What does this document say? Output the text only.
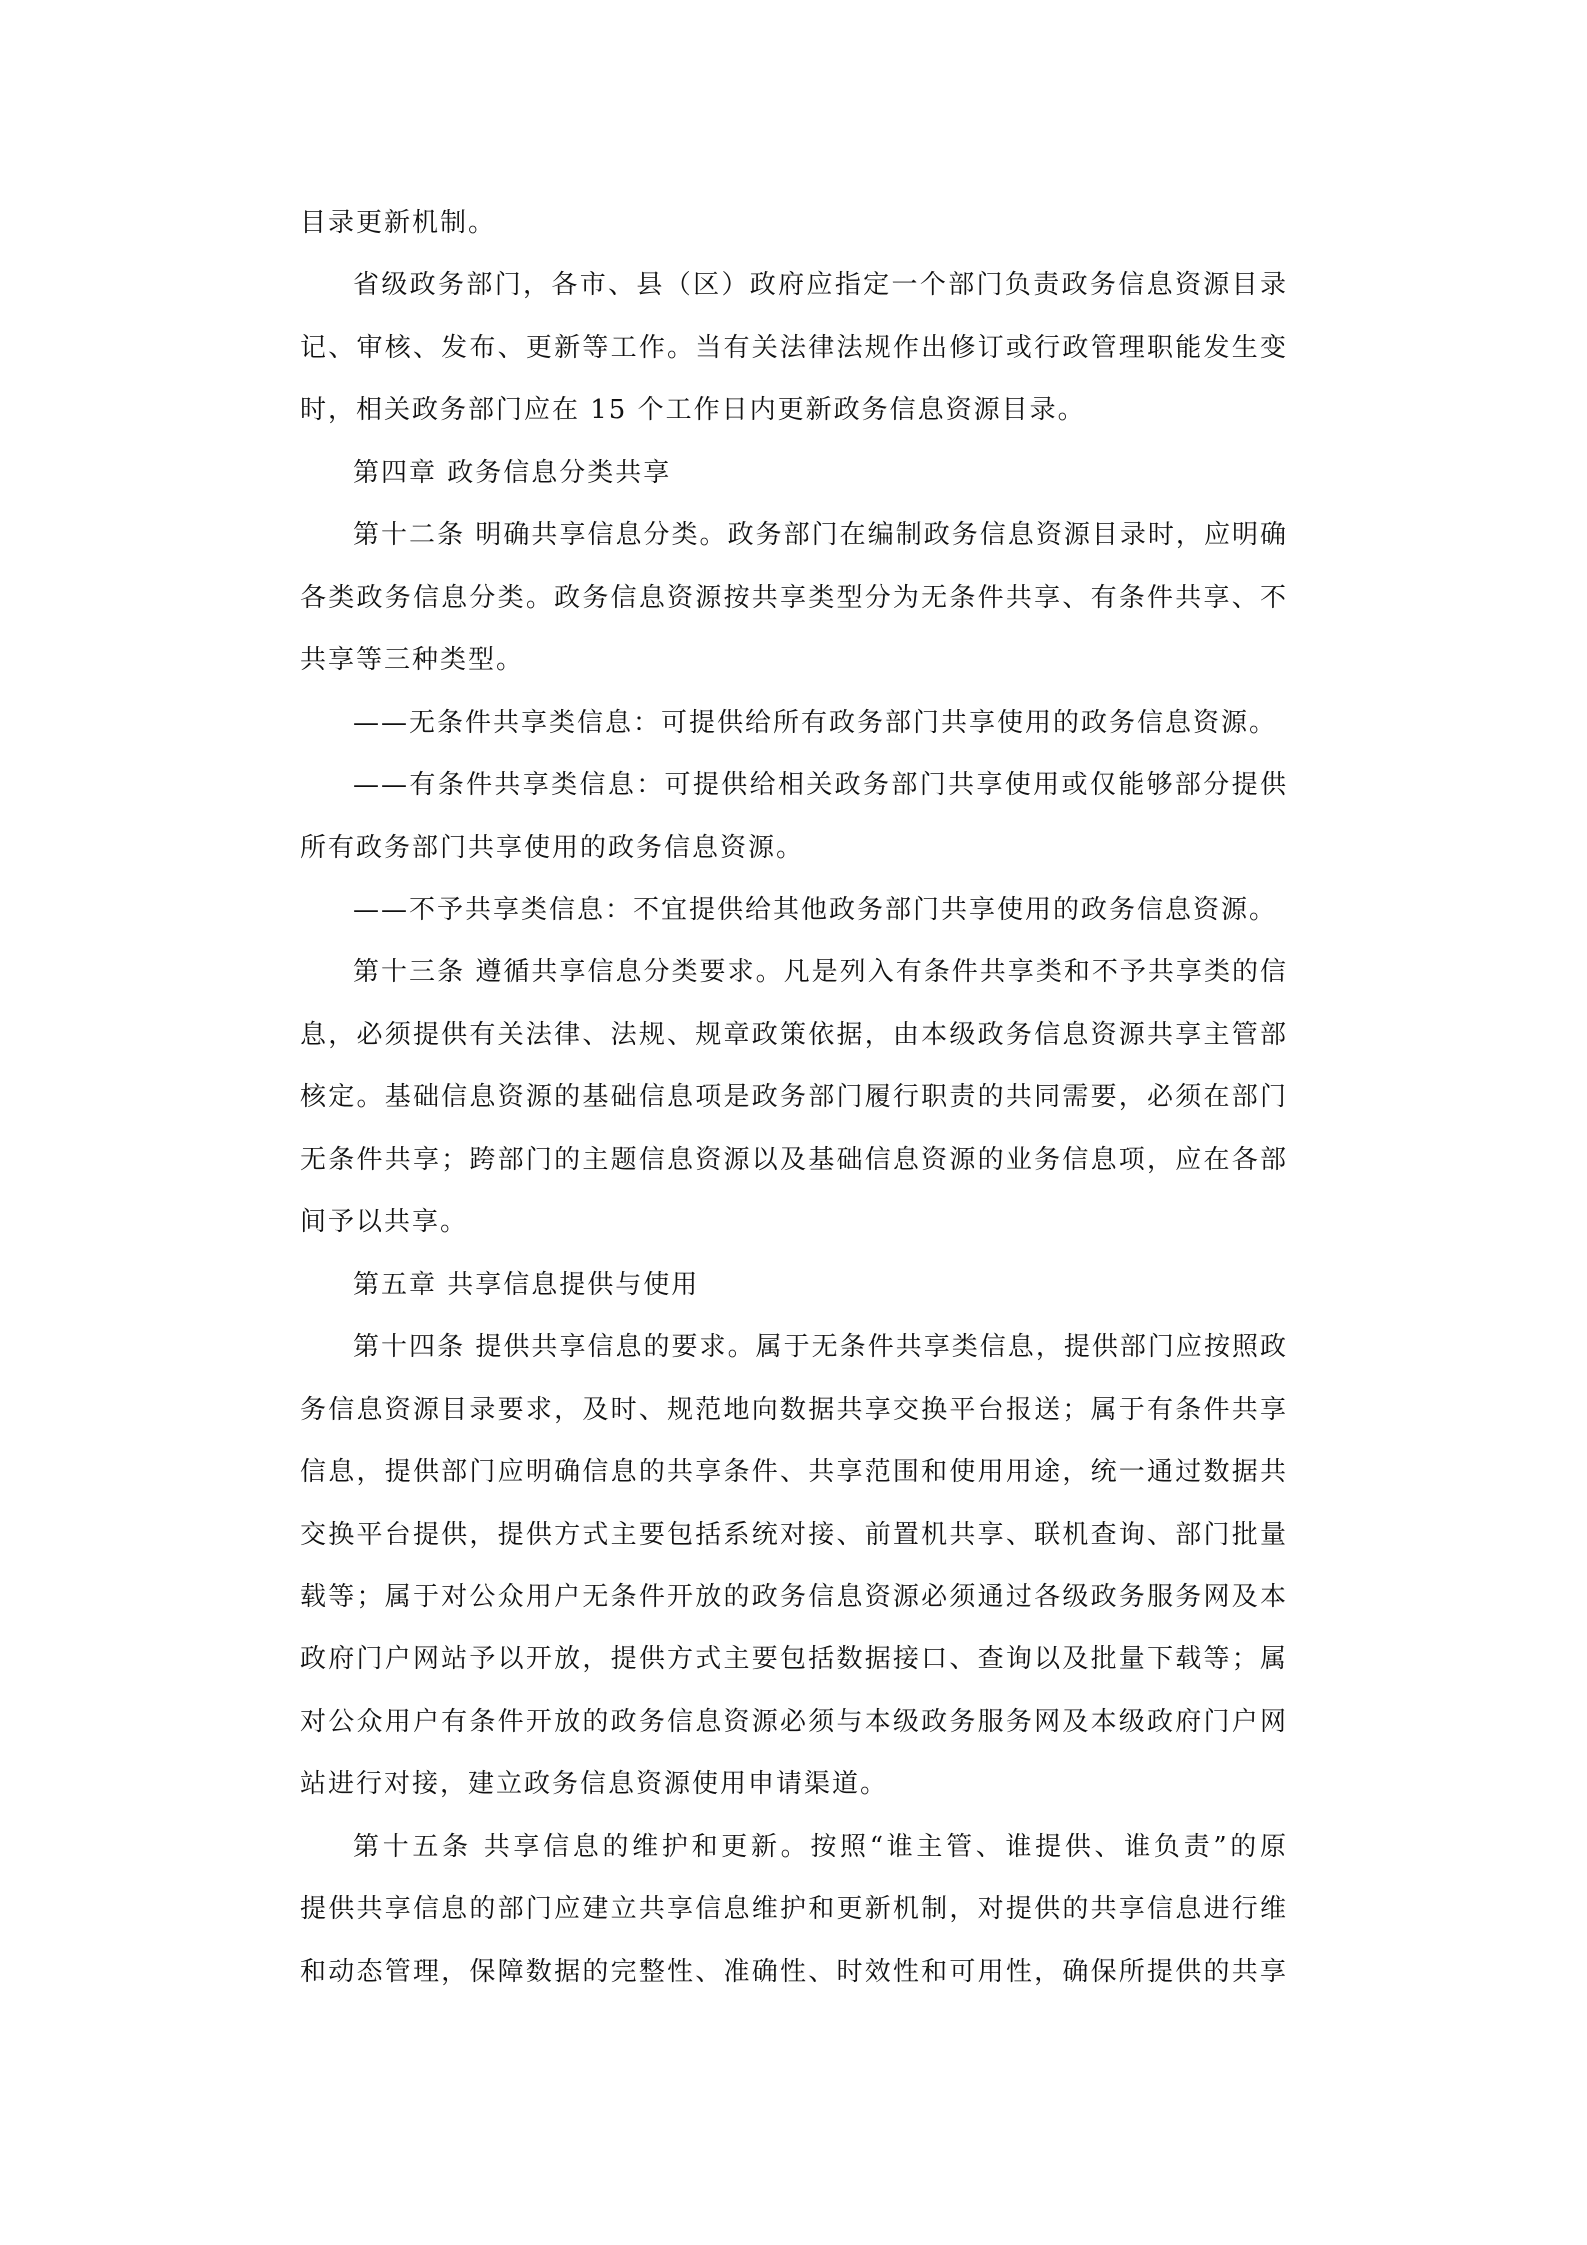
目录更新机制。
省级政务部门，各市、县（区）政府应指定一个部门负责政务信息资源目录
记、审核、发布、更新等工作。当有关法律法规作出修订或行政管理职能发生变
时，相关政务部门应在 15 个工作日内更新政务信息资源目录。
第四章 政务信息分类共享
第十二条 明确共享信息分类。政务部门在编制政务信息资源目录时，应明确
各类政务信息分类。政务信息资源按共享类型分为无条件共享、有条件共享、不
共享等三种类型。
——无条件共享类信息：可提供给所有政务部门共享使用的政务信息资源。
——有条件共享类信息：可提供给相关政务部门共享使用或仅能够部分提供
所有政务部门共享使用的政务信息资源。
——不予共享类信息：不宜提供给其他政务部门共享使用的政务信息资源。
第十三条 遵循共享信息分类要求。凡是列入有条件共享类和不予共享类的信
息，必须提供有关法律、法规、规章政策依据，由本级政务信息资源共享主管部
核定。基础信息资源的基础信息项是政务部门履行职责的共同需要，必须在部门
无条件共享；跨部门的主题信息资源以及基础信息资源的业务信息项，应在各部
间予以共享。
第五章 共享信息提供与使用
第十四条 提供共享信息的要求。属于无条件共享类信息，提供部门应按照政
务信息资源目录要求，及时、规范地向数据共享交换平台报送；属于有条件共享
信息，提供部门应明确信息的共享条件、共享范围和使用用途，统一通过数据共
交换平台提供，提供方式主要包括系统对接、前置机共享、联机查询、部门批量
载等；属于对公众用户无条件开放的政务信息资源必须通过各级政务服务网及本
政府门户网站予以开放，提供方式主要包括数据接口、查询以及批量下载等；属
对公众用户有条件开放的政务信息资源必须与本级政务服务网及本级政府门户网
站进行对接，建立政务信息资源使用申请渠道。
第十五条 共享信息的维护和更新。按照“谁主管、谁提供、谁负责”的原
提供共享信息的部门应建立共享信息维护和更新机制，对提供的共享信息进行维
和动态管理，保障数据的完整性、准确性、时效性和可用性，确保所提供的共享
